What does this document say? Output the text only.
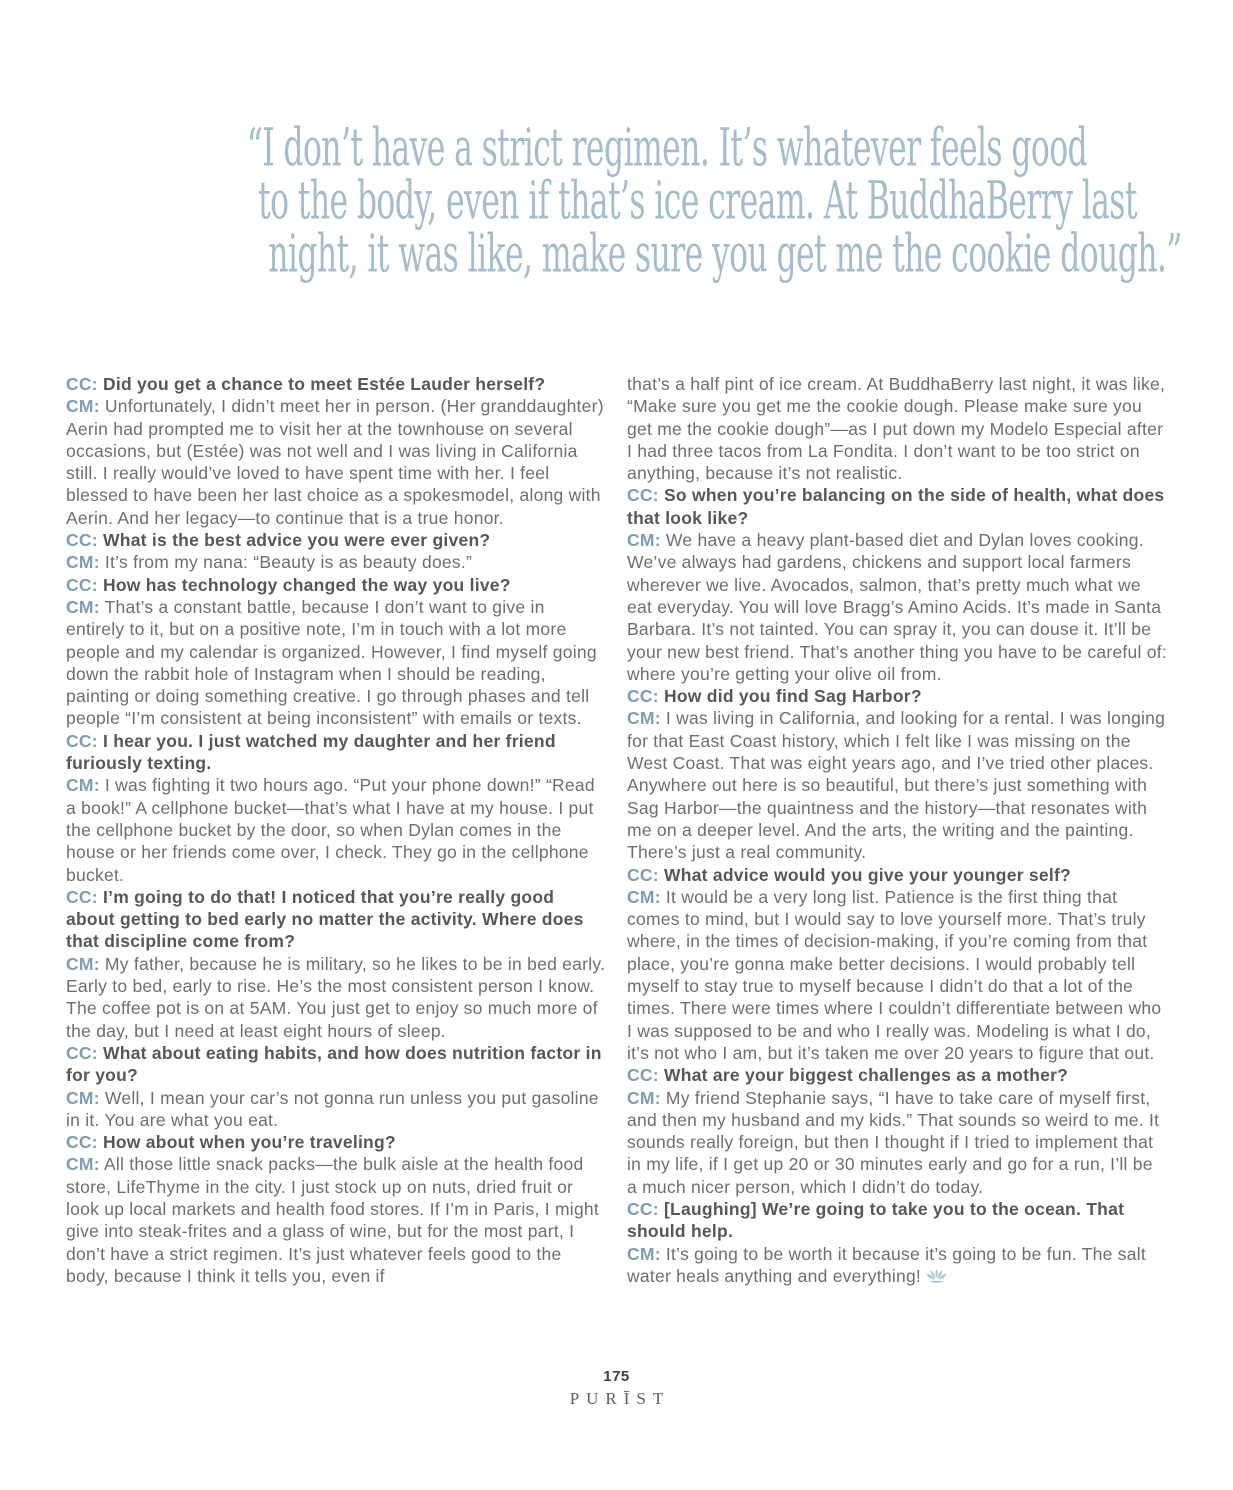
“I don’t have a strict regimen. It’s whatever feels good
to the body, even if that’s ice cream. At BuddhaBerry last
night, it was like, make sure you get me the cookie dough.”

CC: Did you get a chance to meet Estée Lauder herself?

CM: Unfortunately, I didn’t meet her in person. (Her granddaughter) Aerin had prompted me to visit her at the townhouse on several occasions, but (Estée) was not well and I was living in California still. I really would’ve loved to have spent time with her. I feel blessed to have been her last choice as a spokesmodel, along with Aerin. And her legacy—to continue that is a true honor.

CC: What is the best advice you were ever given?

CM: It’s from my nana: “Beauty is as beauty does.”

CC: How has technology changed the way you live?

CM: That’s a constant battle, because I don’t want to give in entirely to it, but on a positive note, I’m in touch with a lot more people and my calendar is organized. However, I find myself going down the rabbit hole of Instagram when I should be reading, painting or doing something creative. I go through phases and tell people “I’m consistent at being inconsistent” with emails or texts.

CC: I hear you. I just watched my daughter and her friend furiously texting.

CM: I was fighting it two hours ago. “Put your phone down!” “Read a book!” A cellphone bucket—that’s what I have at my house. I put the cellphone bucket by the door, so when Dylan comes in the house or her friends come over, I check. They go in the cellphone bucket.

CC: I’m going to do that! I noticed that you’re really good about getting to bed early no matter the activity. Where does that discipline come from?

CM: My father, because he is military, so he likes to be in bed early. Early to bed, early to rise. He’s the most consistent person I know. The coffee pot is on at 5AM. You just get to enjoy so much more of the day, but I need at least eight hours of sleep.

CC: What about eating habits, and how does nutrition factor in for you?

CM: Well, I mean your car’s not gonna run unless you put gasoline in it. You are what you eat.

CC: How about when you’re traveling?

CM: All those little snack packs—the bulk aisle at the health food store, LifeThyme in the city. I just stock up on nuts, dried fruit or look up local markets and health food stores. If I’m in Paris, I might give into steak-frites and a glass of wine, but for the most part, I don’t have a strict regimen. It’s just whatever feels good to the body, because I think it tells you, even if

that’s a half pint of ice cream. At BuddhaBerry last night, it was like, “Make sure you get me the cookie dough. Please make sure you get me the cookie dough”—as I put down my Modelo Especial after I had three tacos from La Fondita. I don’t want to be too strict on anything, because it’s not realistic.

CC: So when you’re balancing on the side of health, what does that look like?

CM: We have a heavy plant-based diet and Dylan loves cooking. We’ve always had gardens, chickens and support local farmers wherever we live. Avocados, salmon, that’s pretty much what we eat everyday. You will love Bragg’s Amino Acids. It’s made in Santa Barbara. It’s not tainted. You can spray it, you can douse it. It’ll be your new best friend. That’s another thing you have to be careful of: where you’re getting your olive oil from.

CC: How did you find Sag Harbor?

CM: I was living in California, and looking for a rental. I was longing for that East Coast history, which I felt like I was missing on the West Coast. That was eight years ago, and I’ve tried other places. Anywhere out here is so beautiful, but there’s just something with Sag Harbor—the quaintness and the history—that resonates with me on a deeper level. And the arts, the writing and the painting. There’s just a real community.

CC: What advice would you give your younger self?

CM: It would be a very long list. Patience is the first thing that comes to mind, but I would say to love yourself more. That’s truly where, in the times of decision-making, if you’re coming from that place, you’re gonna make better decisions. I would probably tell myself to stay true to myself because I didn’t do that a lot of the times. There were times where I couldn’t differentiate between who I was supposed to be and who I really was. Modeling is what I do, it’s not who I am, but it’s taken me over 20 years to figure that out.

CC: What are your biggest challenges as a mother?

CM: My friend Stephanie says, “I have to take care of myself first, and then my husband and my kids.” That sounds so weird to me. It sounds really foreign, but then I thought if I tried to implement that in my life, if I get up 20 or 30 minutes early and go for a run, I’ll be a much nicer person, which I didn’t do today.

CC: [Laughing] We’re going to take you to the ocean. That should help.

CM: It’s going to be worth it because it’s going to be fun. The salt water heals anything and everything!

175
PURĪST
